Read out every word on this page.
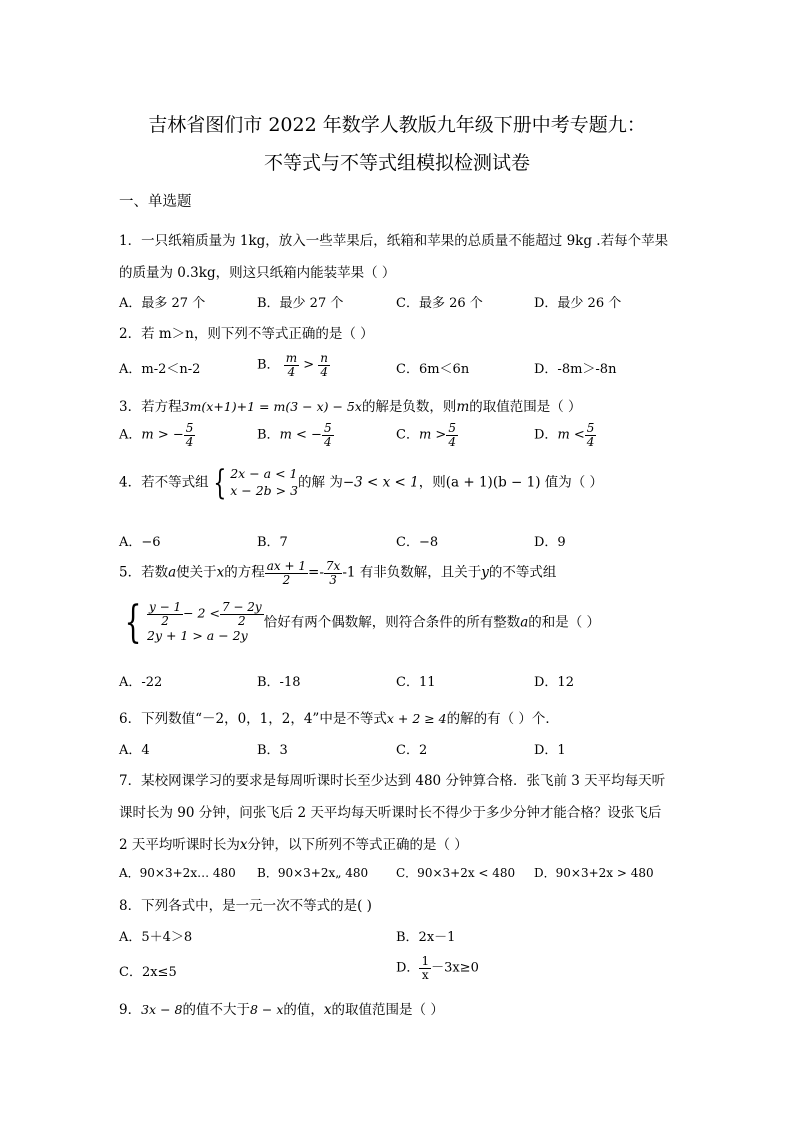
吉林省图们市 2022 年数学人教版九年级下册中考专题九：
不等式与不等式组模拟检测试卷
一、单选题
1．一只纸箱质量为 1kg，放入一些苹果后，纸箱和苹果的总质量不能超过 9kg .若每个苹果
的质量为 0.3kg，则这只纸箱内能装苹果（ ）
A．最多 27 个	B．最少 27 个	C．最多 26 个	D．最少 26 个
2．若 m＞n，则下列不等式正确的是（ ）
A．m-2＜n-2	B． $\frac{m}{4} > \frac{n}{4}$	C．6m＜6n	D．-8m＞-8n
3．若方程3m(x+1)+1 = m(3 − x) − 5x的解是负数，则m的取值范围是（ ）
A．m > − $\frac{5}{4}$	B．m < − $\frac{5}{4}$	C．$m > \frac{5}{4}$	D．$m < \frac{5}{4}$
4．若不等式组 { 2x − a < 1
x − 2b > 3 的解 为−3 < x < 1，则(a + 1)(b − 1) 值为（ ）
A．−6	B．7	C．−8	D．9
5．若数a使关于x的方程 $\frac{ax + 1}{2} =- \frac{7x}{3} -1$ 有非负数解，且关于y的不等式组
{ $\frac{y - 1}{2} - 2 < \frac{7 - 2y}{2}$
2y + 1 > a − 2y
恰好有两个偶数解，则符合条件的所有整数a的和是（ ）
A．-22	B．-18	C．11	D．12
6．下列数值“－2，0，1，2，4”中是不等式x + 2 ≥ 4的解的有（ ）个．
A．4	B．3	C．2	D．1
7．某校网课学习的要求是每周听课时长至少达到 480 分钟算合格．张飞前 3 天平均每天听
课时长为 90 分钟，问张飞后 2 天平均每天听课时长不得少于多少分钟才能合格？设张飞后
2 天平均听课时长为x分钟，以下所列不等式正确的是（ ）
A．90×3+2x… 480 B．90×3+2x„ 480 C．90×3+2x < 480 D．90×3+2x > 480
8．下列各式中，是一元一次不等式的是( )
A．5＋4＞8	B．2x－1
C．2x≤5	D． $\frac{1}{x} -3x\ge 0$
9．3x − 8的值不大于8 − x的值，x的取值范围是（ ）
